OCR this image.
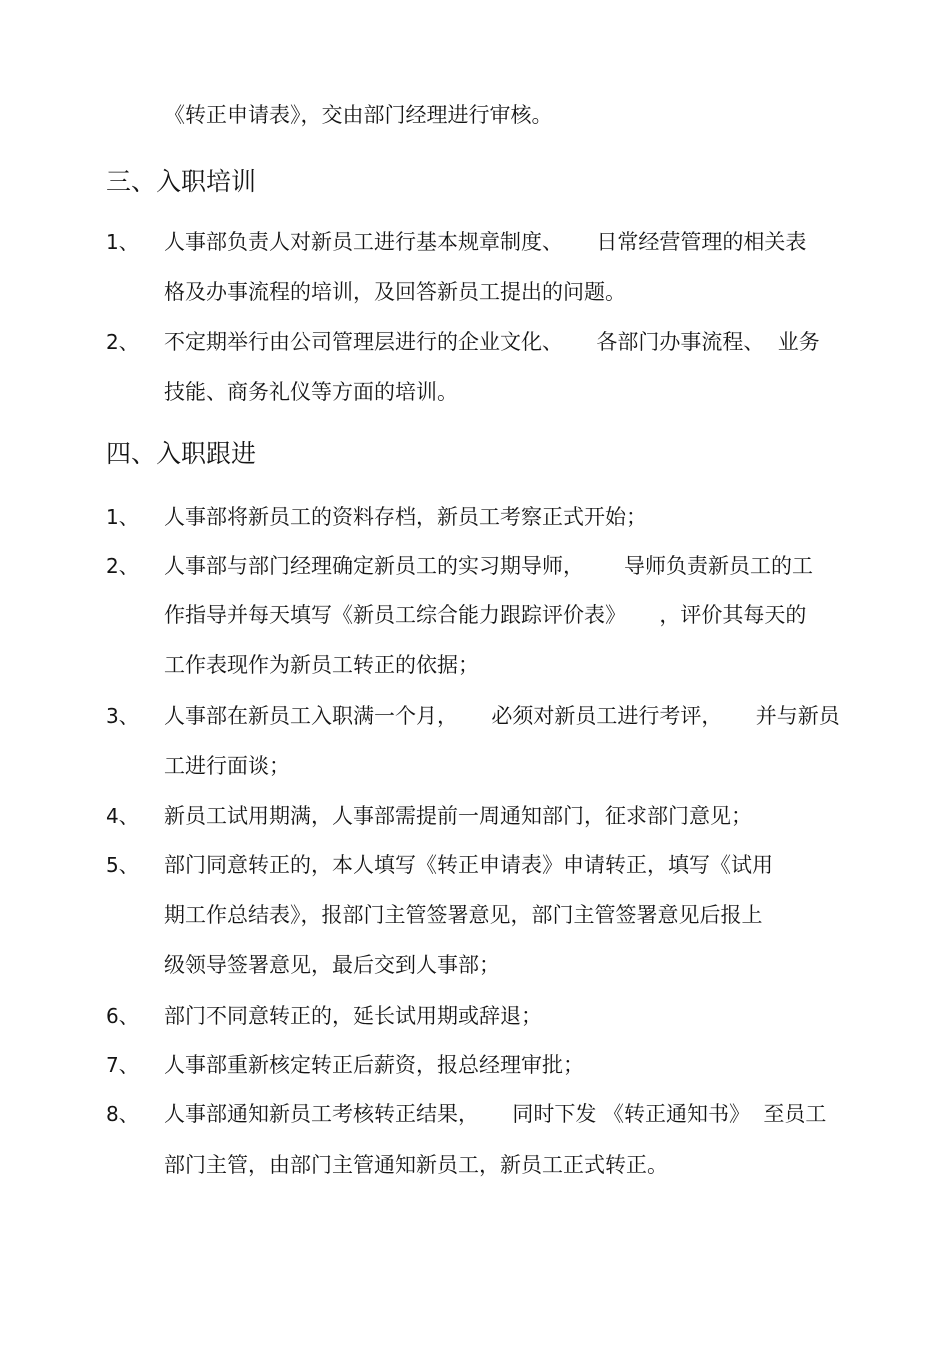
《转正申请表》，交由部门经理进行审核。
三、入职培训
1、 人事部负责人对新员工进行基本规章制度、     日常经营管理的相关表
格及办事流程的培训，及回答新员工提出的问题。
2、 不定期举行由公司管理层进行的企业文化、     各部门办事流程、  业务
技能、商务礼仪等方面的培训。
四、入职跟进
1、 人事部将新员工的资料存档，新员工考察正式开始；
2、 人事部与部门经理确定新员工的实习期导师，      导师负责新员工的工
作指导并每天填写《新员工综合能力跟踪评价表》     ，评价其每天的
工作表现作为新员工转正的依据；
3、 人事部在新员工入职满一个月，     必须对新员工进行考评，     并与新员
工进行面谈；
4、 新员工试用期满，人事部需提前一周通知部门，征求部门意见；
5、 部门同意转正的，本人填写《转正申请表》申请转正，填写《试用
期工作总结表》，报部门主管签署意见，部门主管签署意见后报上
级领导签署意见，最后交到人事部；
6、 部门不同意转正的，延长试用期或辞退；
7、 人事部重新核定转正后薪资，报总经理审批；
8、 人事部通知新员工考核转正结果，     同时下发 《转正通知书》  至员工
部门主管，由部门主管通知新员工，新员工正式转正。
